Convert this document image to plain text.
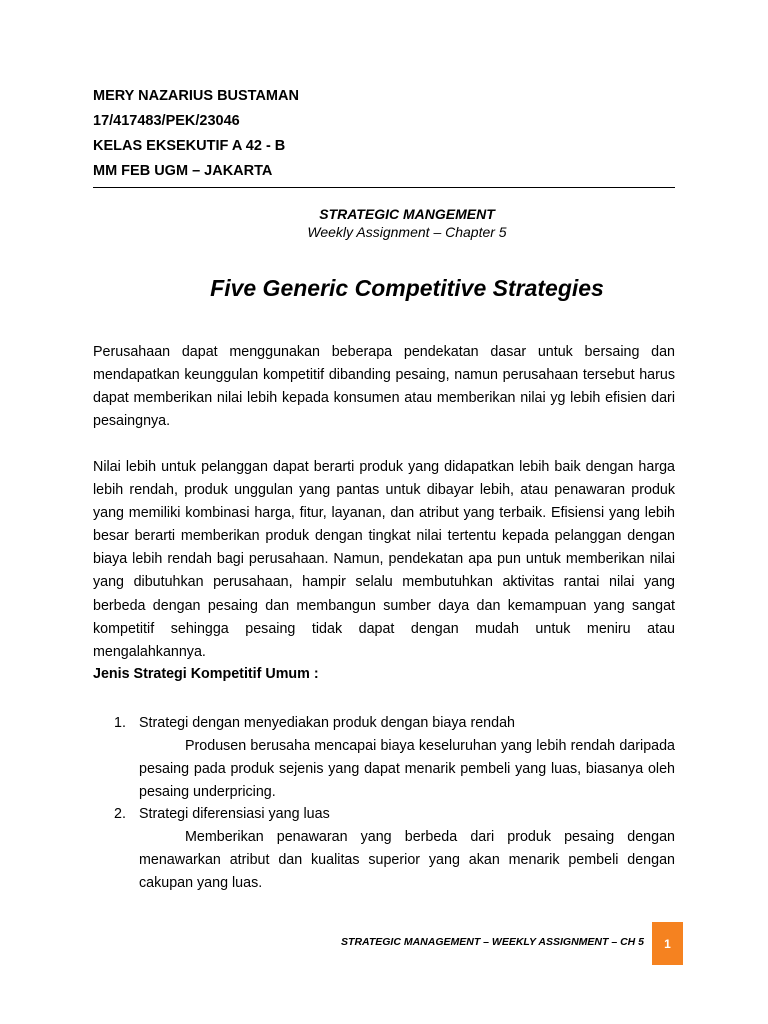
MERY NAZARIUS BUSTAMAN
17/417483/PEK/23046
KELAS EKSEKUTIF A 42 - B
MM FEB UGM – JAKARTA
STRATEGIC MANGEMENT
Weekly Assignment – Chapter 5
Five Generic Competitive Strategies

Perusahaan dapat menggunakan beberapa pendekatan dasar untuk bersaing dan mendapatkan keunggulan kompetitif dibanding pesaing, namun perusahaan tersebut harus dapat memberikan nilai lebih kepada konsumen atau memberikan nilai yg lebih efisien dari pesaingnya.

Nilai lebih untuk pelanggan dapat berarti produk yang didapatkan lebih baik dengan harga lebih rendah, produk unggulan yang pantas untuk dibayar lebih, atau penawaran produk yang memiliki kombinasi harga, fitur, layanan, dan atribut yang terbaik. Efisiensi yang lebih besar berarti memberikan produk dengan tingkat nilai tertentu kepada pelanggan dengan biaya lebih rendah bagi perusahaan. Namun, pendekatan apa pun untuk memberikan nilai yang dibutuhkan perusahaan, hampir selalu membutuhkan aktivitas rantai nilai yang berbeda dengan pesaing dan membangun sumber daya dan kemampuan yang sangat kompetitif sehingga pesaing tidak dapat dengan mudah untuk meniru atau mengalahkannya.

Jenis Strategi Kompetitif Umum :
1. Strategi dengan menyediakan produk dengan biaya rendah

Produsen berusaha mencapai biaya keseluruhan yang lebih rendah daripada pesaing pada produk sejenis yang dapat menarik pembeli yang luas, biasanya oleh pesaing underpricing.

2. Strategi diferensiasi yang luas

Memberikan penawaran yang berbeda dari produk pesaing dengan menawarkan atribut dan kualitas superior yang akan menarik pembeli dengan cakupan yang luas.

STRATEGIC MANAGEMENT – WEEKLY ASSIGNMENT – CH 5	1
